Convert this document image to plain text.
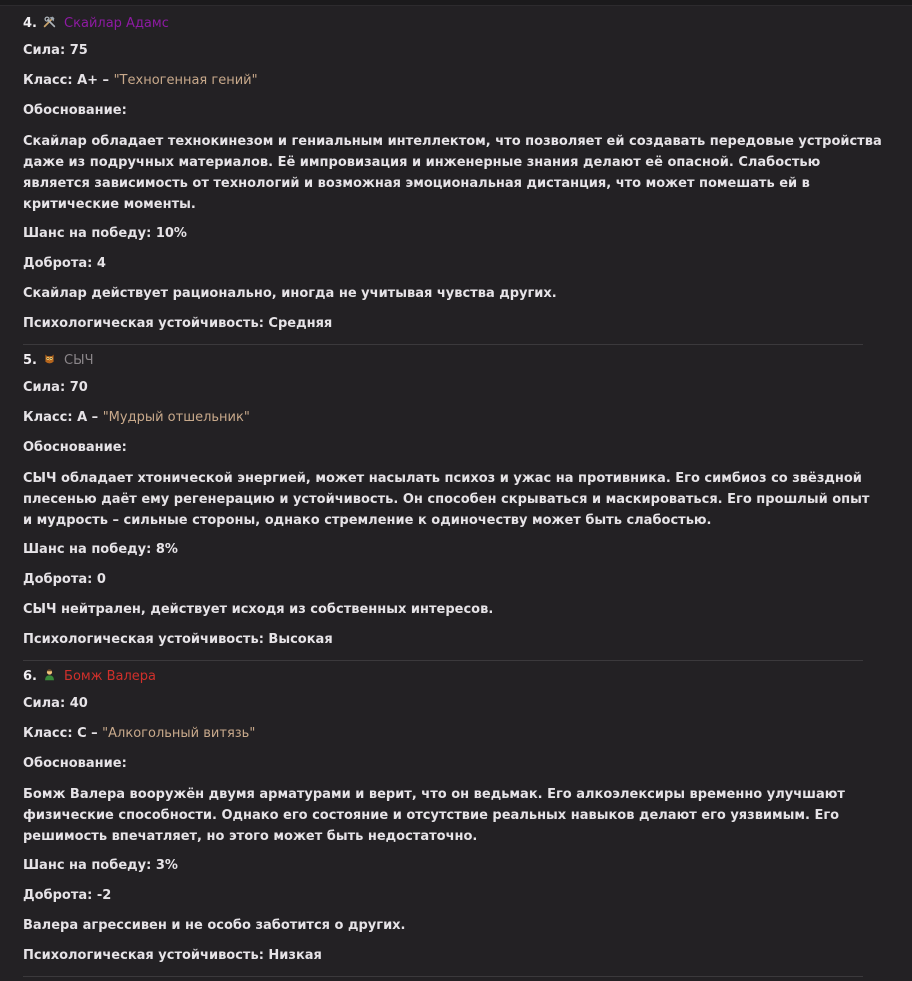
4. Скайлар Адамс
Сила: 75
Класс: A+ – "Техногенная гений"
Обоснование:

Скайлар обладает технокинезом и гениальным интеллектом, что позволяет ей создавать передовые устройства даже из подручных материалов. Её импровизация и инженерные знания делают её опасной. Слабостью является зависимость от технологий и возможная эмоциональная дистанция, что может помешать ей в критические моменты.

Шанс на победу: 10%
Доброта: 4
Скайлар действует рационально, иногда не учитывая чувства других.
Психологическая устойчивость: Средняя
5. СЫЧ
Сила: 70
Класс: A – "Мудрый отшельник"
Обоснование:

СЫЧ обладает хтонической энергией, может насылать психоз и ужас на противника. Его симбиоз со звёздной плесенью даёт ему регенерацию и устойчивость. Он способен скрываться и маскироваться. Его прошлый опыт и мудрость – сильные стороны, однако стремление к одиночеству может быть слабостью.

Шанс на победу: 8%
Доброта: 0
СЫЧ нейтрален, действует исходя из собственных интересов.
Психологическая устойчивость: Высокая
6. Бомж Валера
Сила: 40
Класс: C – "Алкогольный витязь"
Обоснование:

Бомж Валера вооружён двумя арматурами и верит, что он ведьмак. Его алкоэлексиры временно улучшают физические способности. Однако его состояние и отсутствие реальных навыков делают его уязвимым. Его решимость впечатляет, но этого может быть недостаточно.

Шанс на победу: 3%
Доброта: -2
Валера агрессивен и не особо заботится о других.
Психологическая устойчивость: Низкая
